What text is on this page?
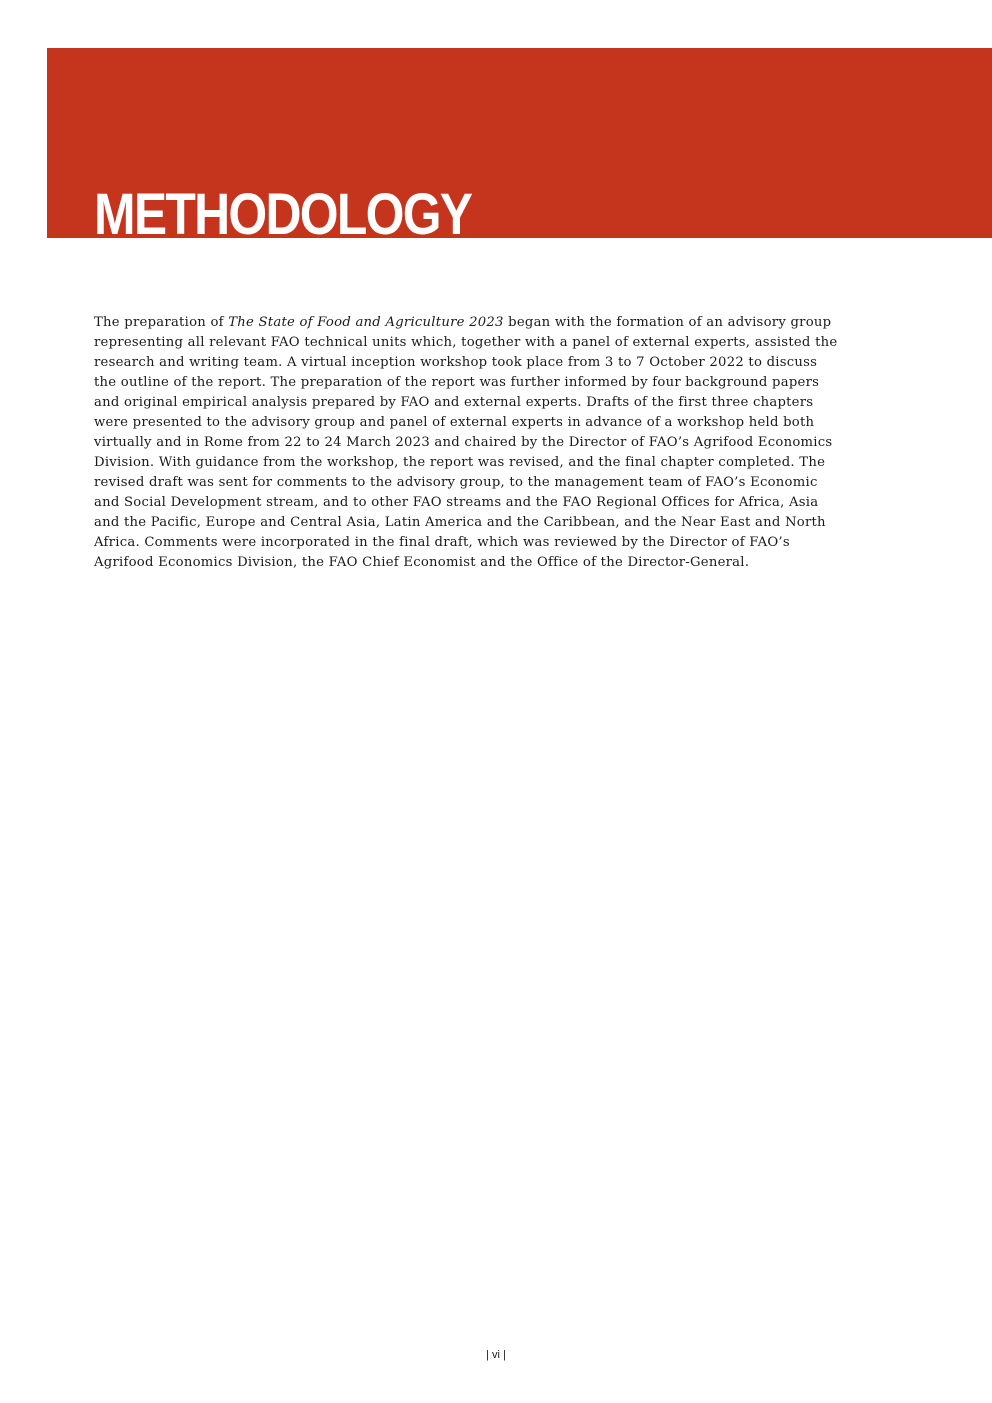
METHODOLOGY
The preparation of The State of Food and Agriculture 2023 began with the formation of an advisory group
representing all relevant FAO technical units which, together with a panel of external experts, assisted the
research and writing team. A virtual inception workshop took place from 3 to 7 October 2022 to discuss
the outline of the report. The preparation of the report was further informed by four background papers
and original empirical analysis prepared by FAO and external experts. Drafts of the first three chapters
were presented to the advisory group and panel of external experts in advance of a workshop held both
virtually and in Rome from 22 to 24 March 2023 and chaired by the Director of FAO’s Agrifood Economics
Division. With guidance from the workshop, the report was revised, and the final chapter completed. The
revised draft was sent for comments to the advisory group, to the management team of FAO’s Economic
and Social Development stream, and to other FAO streams and the FAO Regional Offices for Africa, Asia
and the Pacific, Europe and Central Asia, Latin America and the Caribbean, and the Near East and North
Africa. Comments were incorporated in the final draft, which was reviewed by the Director of FAO’s
Agrifood Economics Division, the FAO Chief Economist and the Office of the Director-General.
| vi |
